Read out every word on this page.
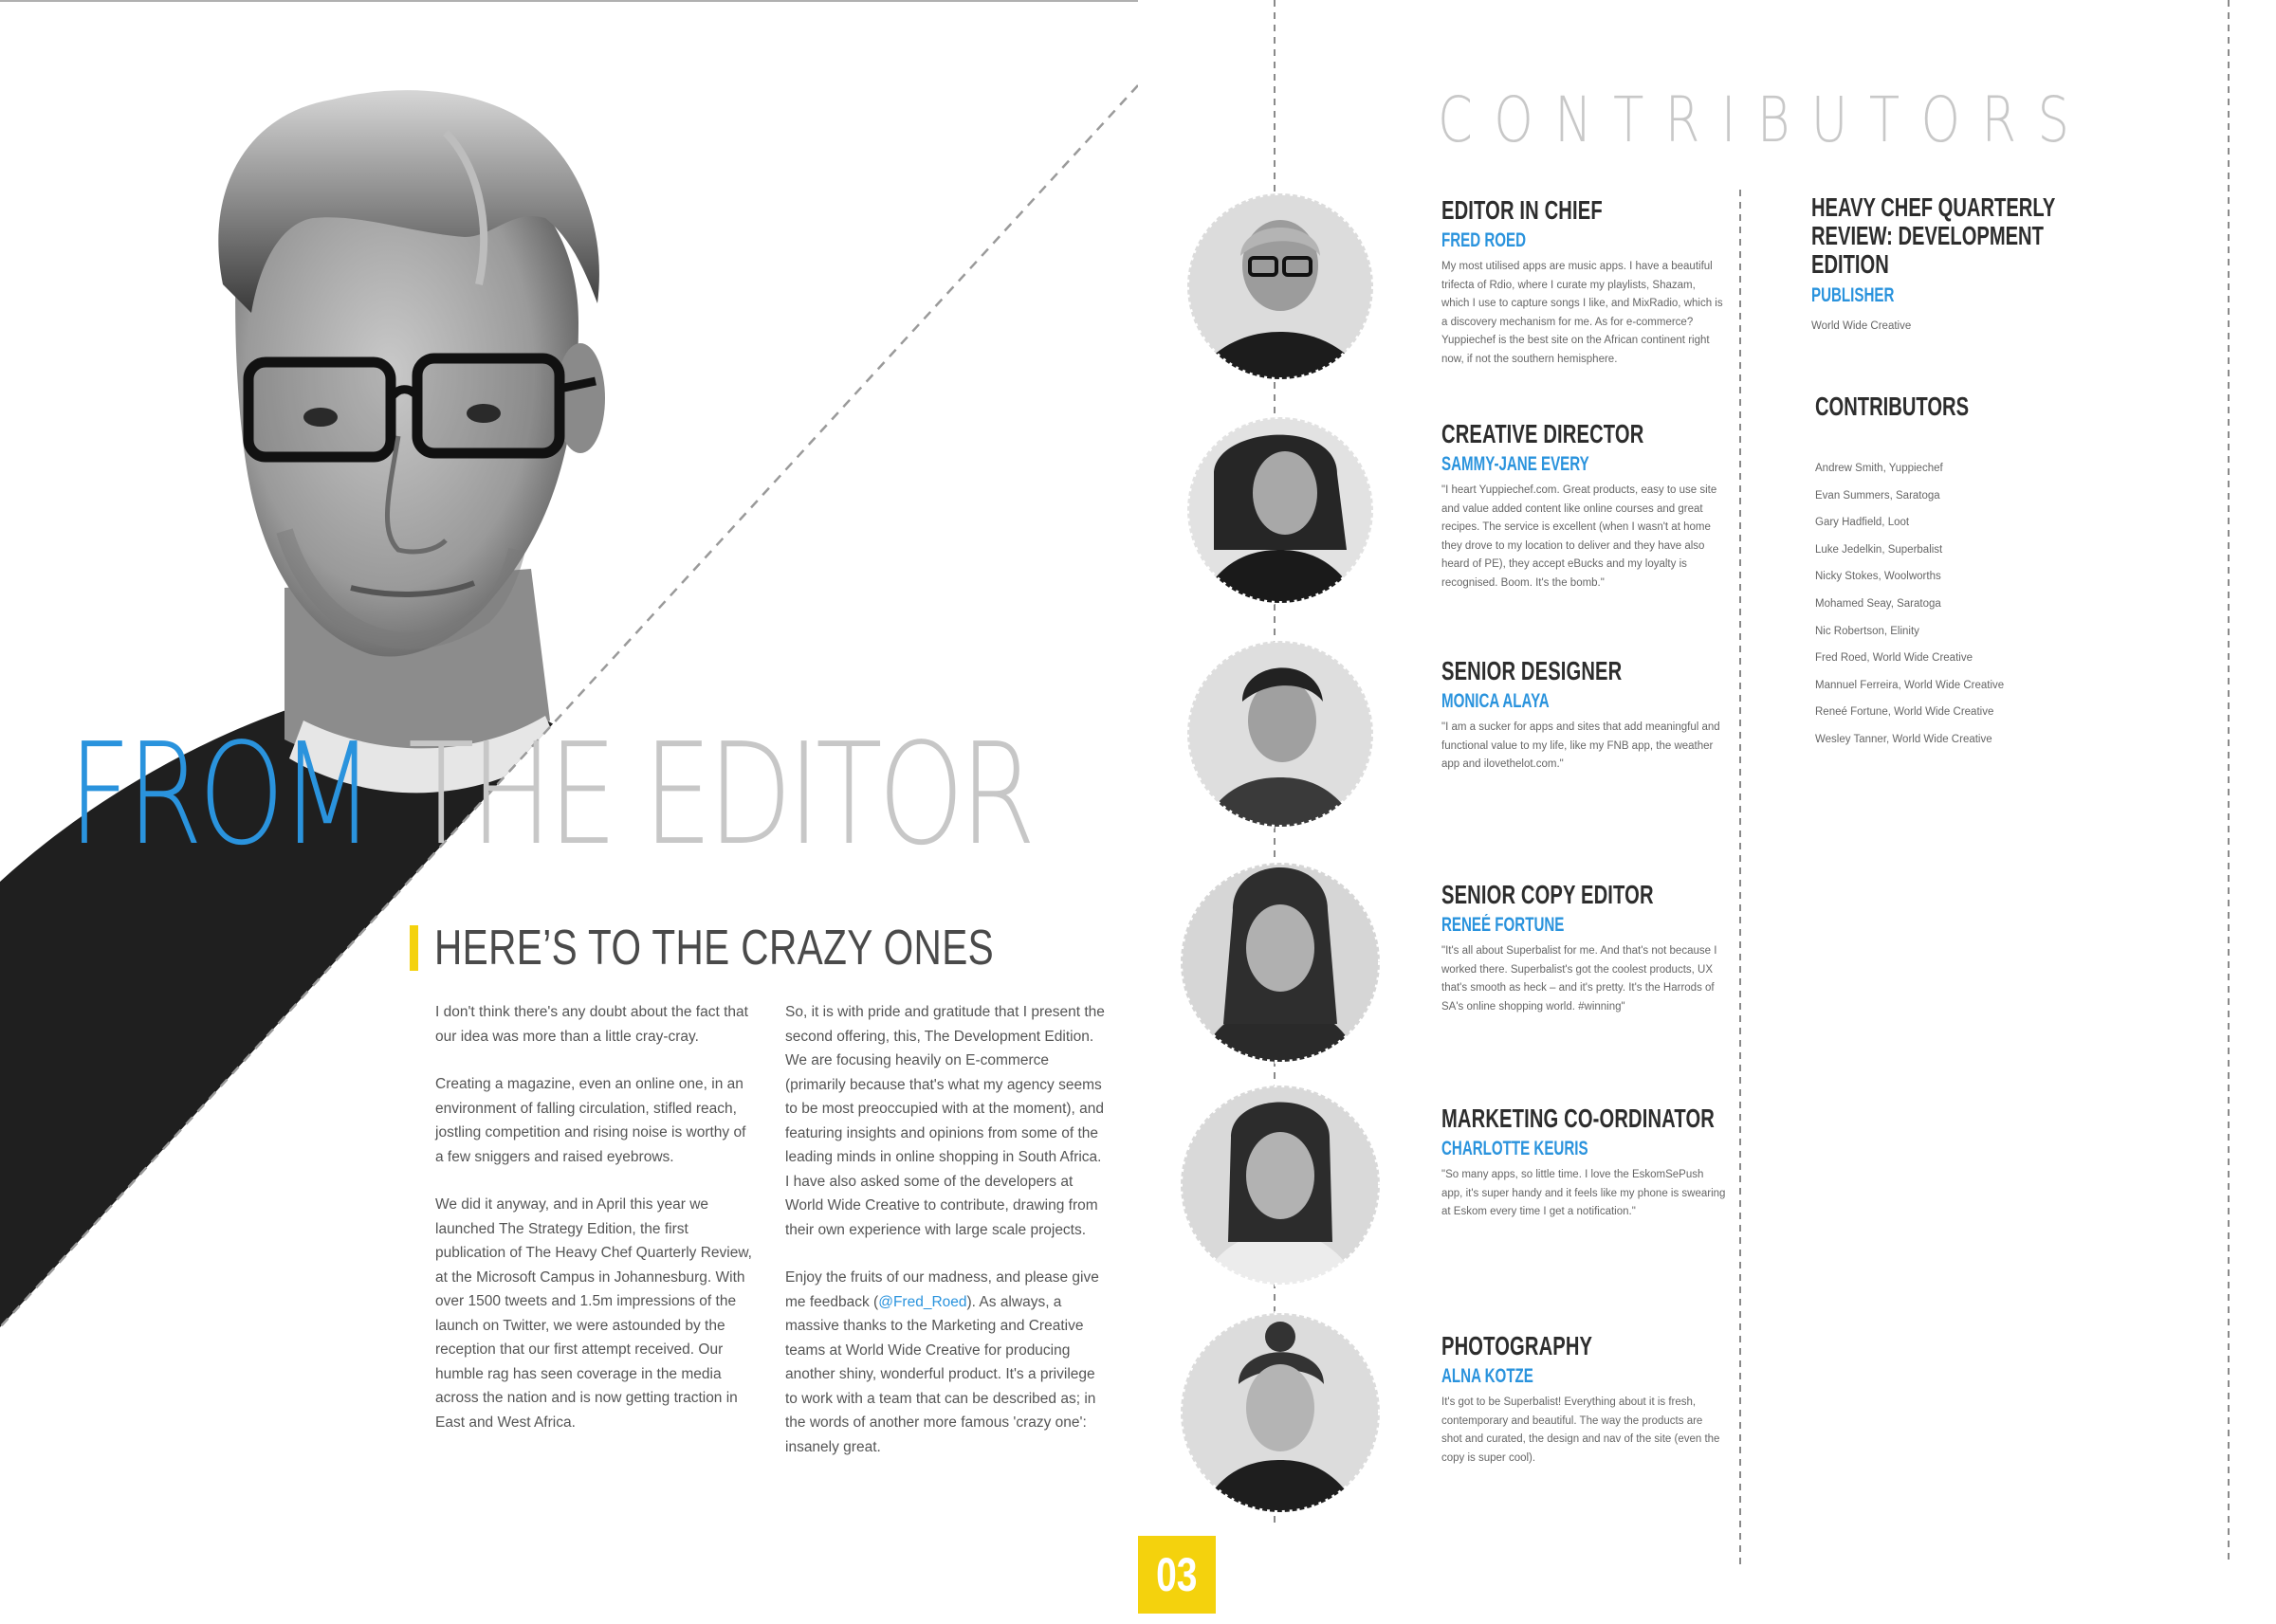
FROM THE EDITOR
HERE’S TO THE CRAZY ONES

I don't think there's any doubt about the fact that our idea was more than a little cray-cray.

Creating a magazine, even an online one, in an environment of falling circulation, stifled reach, jostling competition and rising noise is worthy of a few sniggers and raised eyebrows.

We did it anyway, and in April this year we launched The Strategy Edition, the first publication of The Heavy Chef Quarterly Review, at the Microsoft Campus in Johannesburg. With over 1500 tweets and 1.5m impressions of the launch on Twitter, we were astounded by the reception that our first attempt received. Our humble rag has seen coverage in the media across the nation and is now getting traction in East and West Africa.

So, it is with pride and gratitude that I present the second offering, this, The Development Edition. We are focusing heavily on E-commerce (primarily because that's what my agency seems to be most preoccupied with at the moment), and featuring insights and opinions from some of the leading minds in online shopping in South Africa. I have also asked some of the developers at World Wide Creative to contribute, drawing from their own experience with large scale projects.

Enjoy the fruits of our madness, and please give me feedback (@Fred_Roed). As always, a massive thanks to the Marketing and Creative teams at World Wide Creative for producing another shiny, wonderful product. It's a privilege to work with a team that can be described as; in the words of another more famous 'crazy one': insanely great.

03
CONTRIBUTORS
EDITOR IN CHIEF
FRED ROED
My most utilised apps are music apps. I have a beautiful trifecta of Rdio, where I curate my playlists, Shazam, which I use to capture songs I like, and MixRadio, which is a discovery mechanism for me. As for e-commerce? Yuppiechef is the best site on the African continent right now, if not the southern hemisphere.
CREATIVE DIRECTOR
SAMMY-JANE EVERY
"I heart Yuppiechef.com. Great products, easy to use site and value added content like online courses and great recipes. The service is excellent (when I wasn't at home they drove to my location to deliver and they have also heard of PE), they accept eBucks and my loyalty is recognised. Boom. It's the bomb."
SENIOR DESIGNER
MONICA ALAYA
"I am a sucker for apps and sites that add meaningful and functional value to my life, like my FNB app, the weather app and ilovethelot.com."
SENIOR COPY EDITOR
RENEÉ FORTUNE
"It's all about Superbalist for me. And that's not because I worked there. Superbalist's got the coolest products, UX that's smooth as heck – and it's pretty. It's the Harrods of SA's online shopping world. #winning"
MARKETING CO-ORDINATOR
CHARLOTTE KEURIS
"So many apps, so little time. I love the EskomSePush app, it's super handy and it feels like my phone is swearing at Eskom every time I get a notification."
PHOTOGRAPHY
ALNA KOTZE
It's got to be Superbalist! Everything about it is fresh, contemporary and beautiful. The way the products are shot and curated, the design and nav of the site (even the copy is super cool).
HEAVY CHEF QUARTERLY REVIEW: DEVELOPMENT EDITION
PUBLISHER
World Wide Creative
CONTRIBUTORS
Andrew Smith, Yuppiechef
Evan Summers, Saratoga
Gary Hadfield, Loot
Luke Jedelkin, Superbalist
Nicky Stokes, Woolworths
Mohamed Seay, Saratoga
Nic Robertson, Elinity
Fred Roed, World Wide Creative
Mannuel Ferreira, World Wide Creative
Reneé Fortune, World Wide Creative
Wesley Tanner, World Wide Creative
